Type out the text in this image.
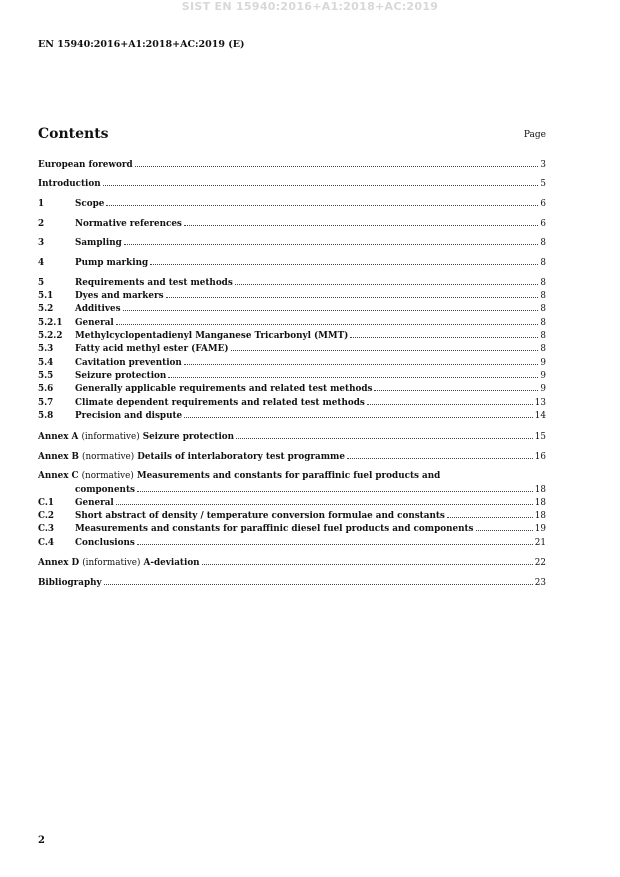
SIST EN 15940:2016+A1:2018+AC:2019
EN 15940:2016+A1:2018+AC:2019 (E)
Contents	Page
European foreword	3
Introduction	5
1	Scope	6
2	Normative references	6
3	Sampling	8
4	Pump marking	8
5	Requirements and test methods	8
5.1	Dyes and markers	8
5.2	Additives	8
5.2.1	General	8
5.2.2	Methylcyclopentadienyl Manganese Tricarbonyl (MMT)	8
5.3	Fatty acid methyl ester (FAME)	8
5.4	Cavitation prevention	9
5.5	Seizure protection	9
5.6	Generally applicable requirements and related test methods	9
5.7	Climate dependent requirements and related test methods	13
5.8	Precision and dispute	14
Annex A (informative) Seizure protection	15
Annex B (normative) Details of interlaboratory test programme	16
Annex C (normative) Measurements and constants for paraffinic fuel products and
components	18
C.1	General	18
C.2	Short abstract of density / temperature conversion formulae and constants	18
C.3	Measurements and constants for paraffinic diesel fuel products and components	19
C.4	Conclusions	21
Annex D (informative) A-deviation	22
Bibliography	23
2
